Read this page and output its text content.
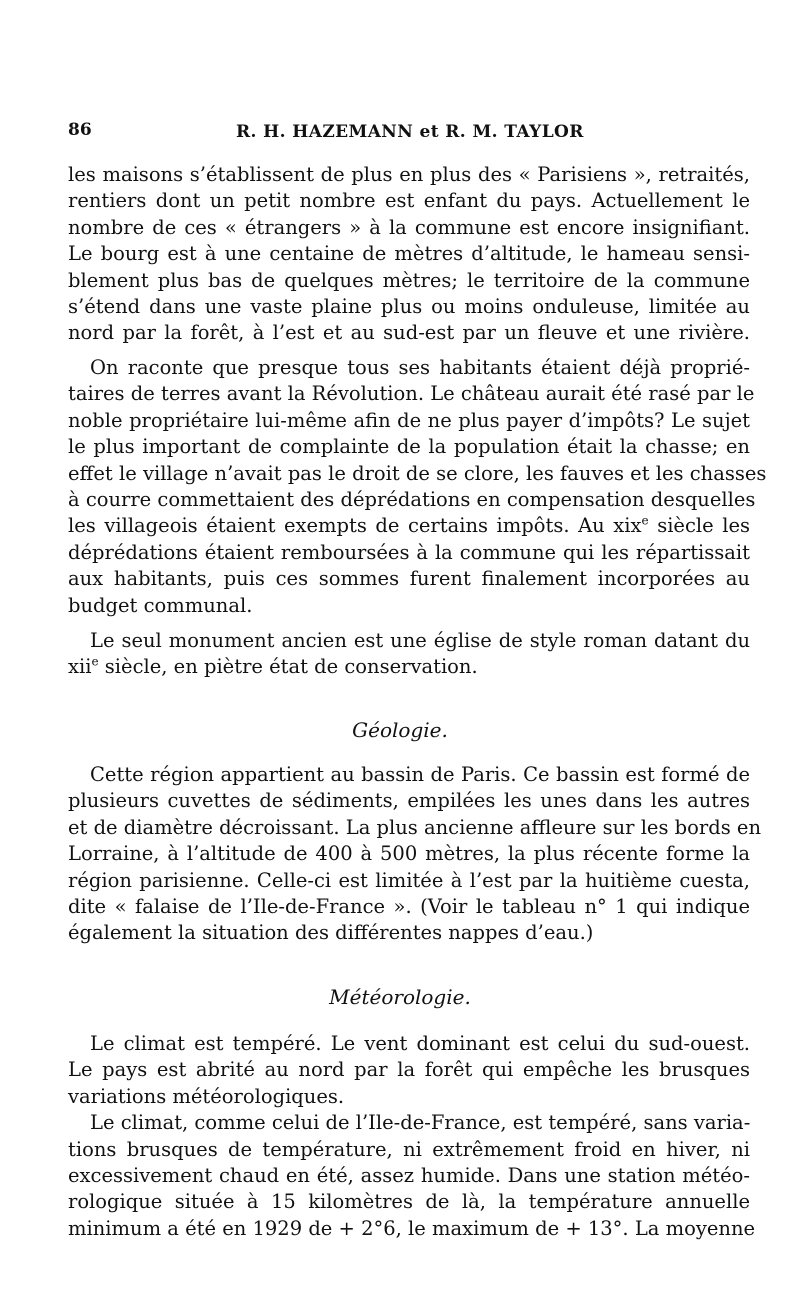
86	R. H. HAZEMANN et R. M. TAYLOR
les maisons s’établissent de plus en plus des « Parisiens », retraités,
rentiers dont un petit nombre est enfant du pays. Actuellement le
nombre de ces « étrangers » à la commune est encore insignifiant.
Le bourg est à une centaine de mètres d’altitude, le hameau sensi-
blement plus bas de quelques mètres; le territoire de la commune
s’étend dans une vaste plaine plus ou moins onduleuse, limitée au
nord par la forêt, à l’est et au sud-est par un fleuve et une rivière.
On raconte que presque tous ses habitants étaient déjà proprié-
taires de terres avant la Révolution. Le château aurait été rasé par le
noble propriétaire lui-même afin de ne plus payer d’impôts? Le sujet
le plus important de complainte de la population était la chasse; en
effet le village n’avait pas le droit de se clore, les fauves et les chasses
à courre commettaient des déprédations en compensation desquelles
les villageois étaient exempts de certains impôts. Au xix$^e$ siècle les
déprédations étaient remboursées à la commune qui les répartissait
aux habitants, puis ces sommes furent finalement incorporées au
budget communal.
Le seul monument ancien est une église de style roman datant du
xii$^e$ siècle, en piètre état de conservation.
Géologie.
Cette région appartient au bassin de Paris. Ce bassin est formé de
plusieurs cuvettes de sédiments, empilées les unes dans les autres
et de diamètre décroissant. La plus ancienne affleure sur les bords en
Lorraine, à l’altitude de 400 à 500 mètres, la plus récente forme la
région parisienne. Celle-ci est limitée à l’est par la huitième cuesta,
dite « falaise de l’Ile-de-France ». (Voir le tableau n° 1 qui indique
également la situation des différentes nappes d’eau.)
Météorologie.
Le climat est tempéré. Le vent dominant est celui du sud-ouest.
Le pays est abrité au nord par la forêt qui empêche les brusques
variations météorologiques.
Le climat, comme celui de l’Ile-de-France, est tempéré, sans varia-
tions brusques de température, ni extrêmement froid en hiver, ni
excessivement chaud en été, assez humide. Dans une station météo-
rologique située à 15 kilomètres de là, la température annuelle
minimum a été en 1929 de + 2°6, le maximum de + 13°. La moyenne
